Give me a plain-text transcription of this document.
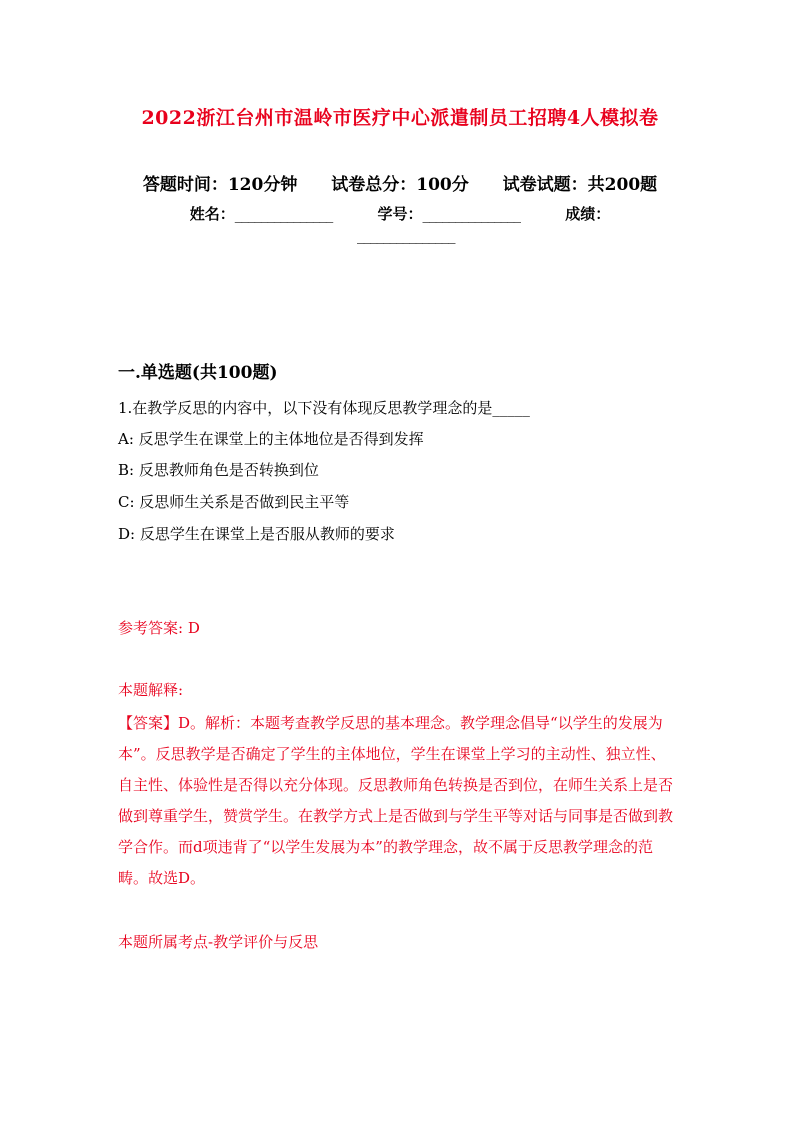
2022浙江台州市温岭市医疗中心派遣制员工招聘4人模拟卷
答题时间：120分钟 试卷总分：100分 试卷试题：共200题
姓名：_______________	学号：_______________	成绩：
_______________
一.单选题(共100题)
1.在教学反思的内容中，以下没有体现反思教学理念的是_____
A: 反思学生在课堂上的主体地位是否得到发挥
B: 反思教师角色是否转换到位
C: 反思师生关系是否做到民主平等
D: 反思学生在课堂上是否服从教师的要求
参考答案: D
本题解释:
【答案】D。解析：本题考查教学反思的基本理念。教学理念倡导“以学生的发展为本”。反思教学是否确定了学生的主体地位，学生在课堂上学习的主动性、独立性、自主性、体验性是否得以充分体现。反思教师角色转换是否到位，在师生关系上是否做到尊重学生，赞赏学生。在教学方式上是否做到与学生平等对话与同事是否做到教学合作。而d项违背了“以学生发展为本”的教学理念，故不属于反思教学理念的范畴。故选D。
本题所属考点-教学评价与反思
